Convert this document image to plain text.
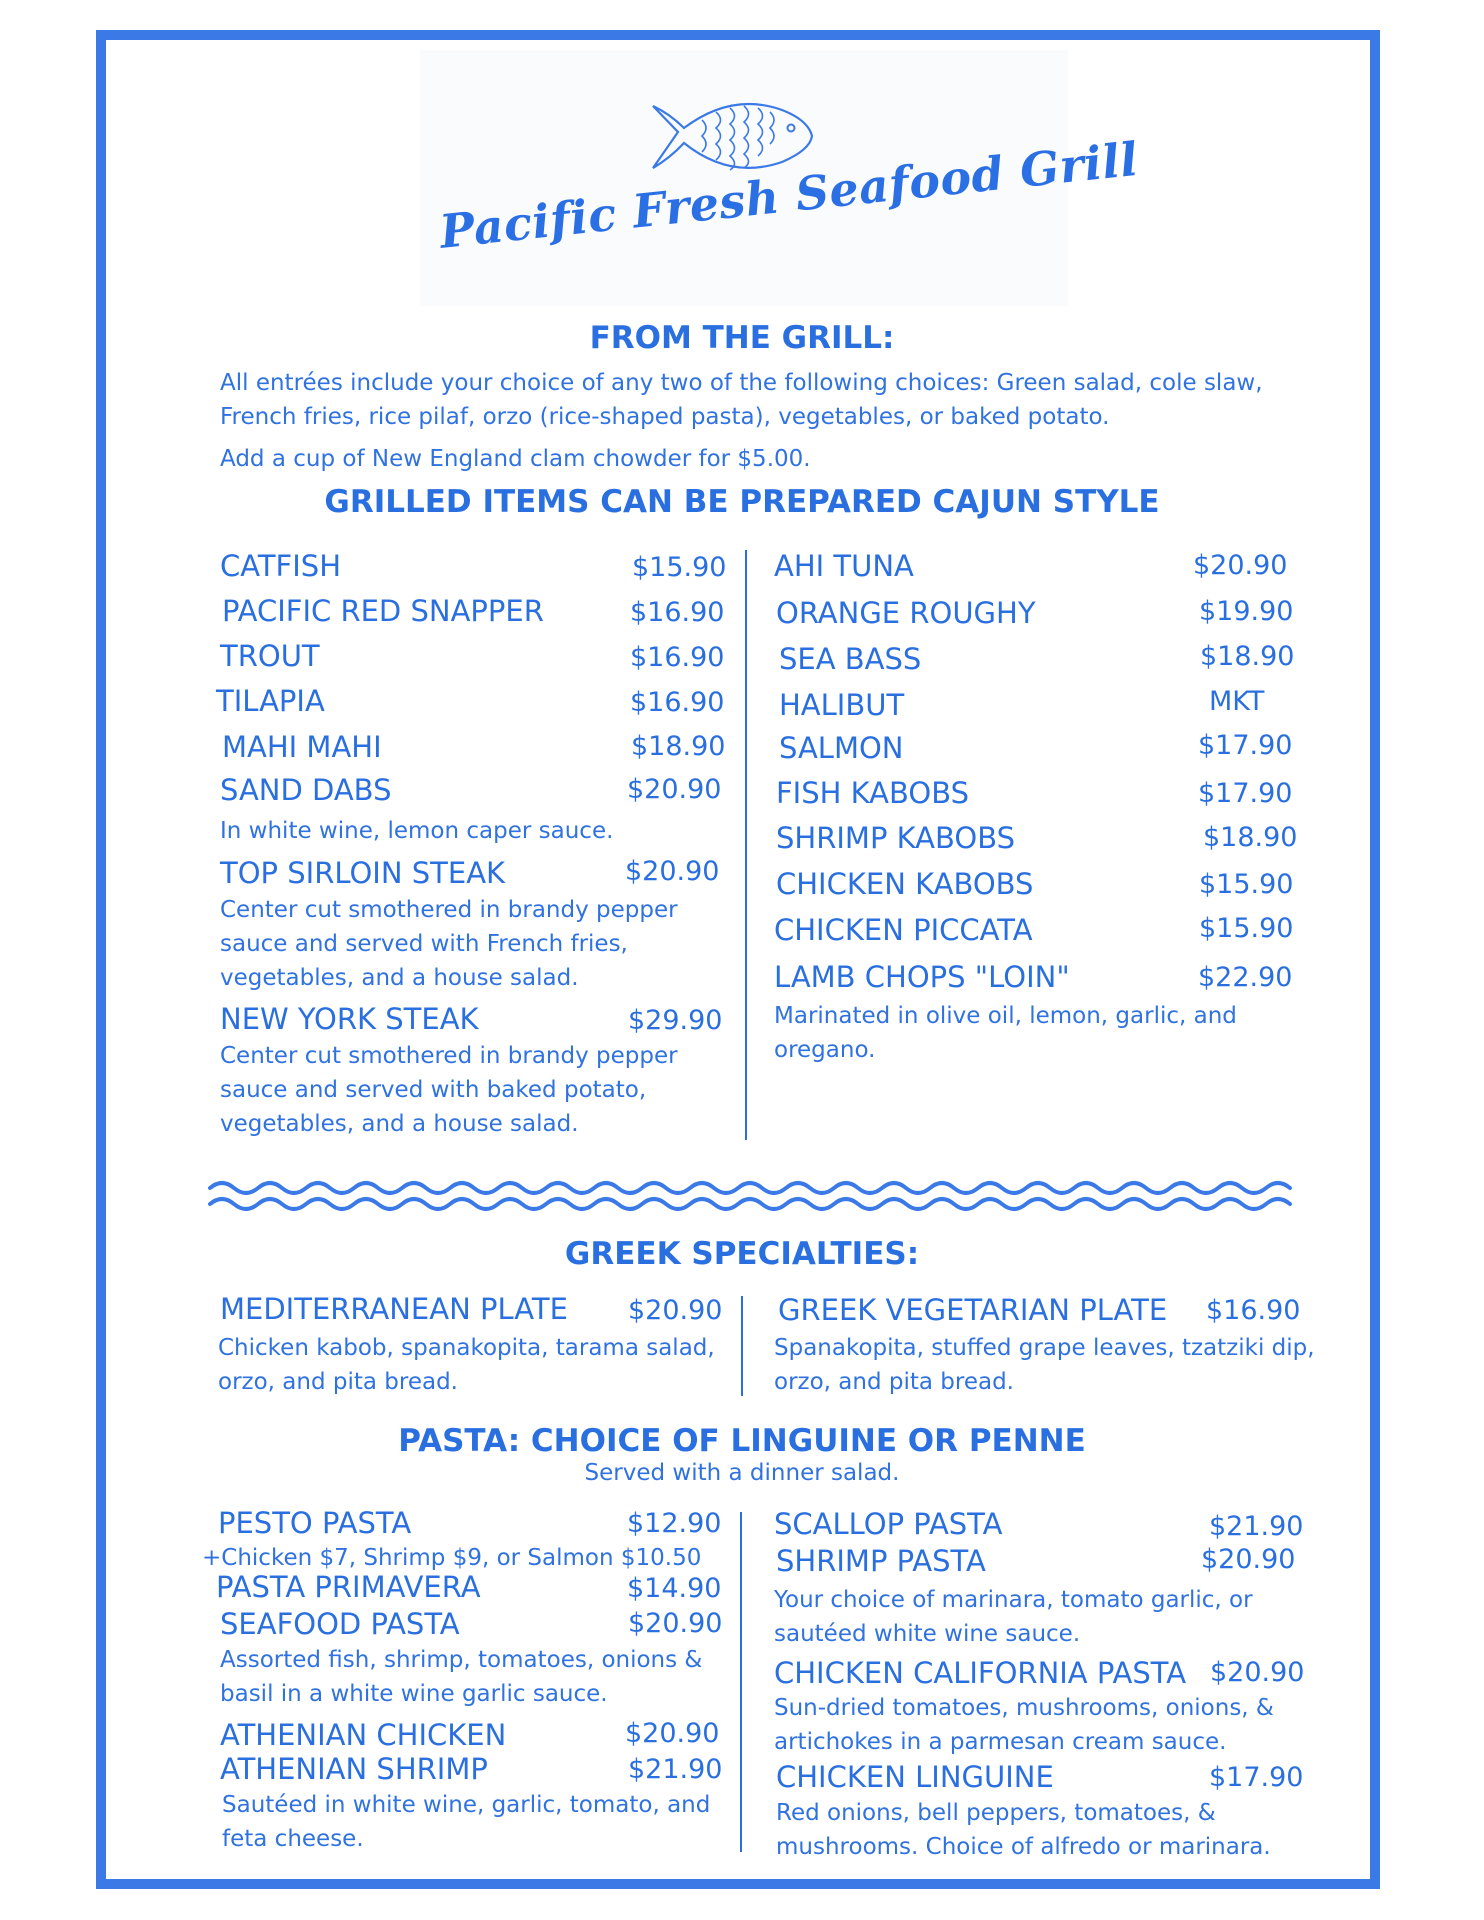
Pacific Fresh Seafood Grill
FROM THE GRILL:
All entrées include your choice of any two of the following choices: Green salad, cole slaw, French fries, rice pilaf, orzo (rice-shaped pasta), vegetables, or baked potato.
Add a cup of New England clam chowder for $5.00.
GRILLED ITEMS CAN BE PREPARED CAJUN STYLE
CATFISH	$15.90
PACIFIC RED SNAPPER	$16.90
TROUT	$16.90
TILAPIA	$16.90
MAHI MAHI	$18.90
SAND DABS	$20.90
In white wine, lemon caper sauce.
TOP SIRLOIN STEAK	$20.90
Center cut smothered in brandy pepper sauce and served with French fries, vegetables, and a house salad.
NEW YORK STEAK	$29.90
Center cut smothered in brandy pepper sauce and served with baked potato, vegetables, and a house salad.
AHI TUNA	$20.90
ORANGE ROUGHY	$19.90
SEA BASS	$18.90
HALIBUT	MKT
SALMON	$17.90
FISH KABOBS	$17.90
SHRIMP KABOBS	$18.90
CHICKEN KABOBS	$15.90
CHICKEN PICCATA	$15.90
LAMB CHOPS "LOIN"	$22.90
Marinated in olive oil, lemon, garlic, and oregano.
GREEK SPECIALTIES:
MEDITERRANEAN PLATE $20.90
Chicken kabob, spanakopita, tarama salad, orzo, and pita bread.
GREEK VEGETARIAN PLATE $16.90
Spanakopita, stuffed grape leaves, tzatziki dip, orzo, and pita bread.
PASTA: CHOICE OF LINGUINE OR PENNE
Served with a dinner salad.
PESTO PASTA	$12.90
+Chicken $7, Shrimp $9, or Salmon $10.50
PASTA PRIMAVERA	$14.90
SEAFOOD PASTA	$20.90
Assorted fish, shrimp, tomatoes, onions & basil in a white wine garlic sauce.
ATHENIAN CHICKEN	$20.90
ATHENIAN SHRIMP	$21.90
Sautéed in white wine, garlic, tomato, and feta cheese.
SCALLOP PASTA	$21.90
SHRIMP PASTA	$20.90
Your choice of marinara, tomato garlic, or sautéed white wine sauce.
CHICKEN CALIFORNIA PASTA $20.90
Sun-dried tomatoes, mushrooms, onions, & artichokes in a parmesan cream sauce.
CHICKEN LINGUINE	$17.90
Red onions, bell peppers, tomatoes, & mushrooms. Choice of alfredo or marinara.
